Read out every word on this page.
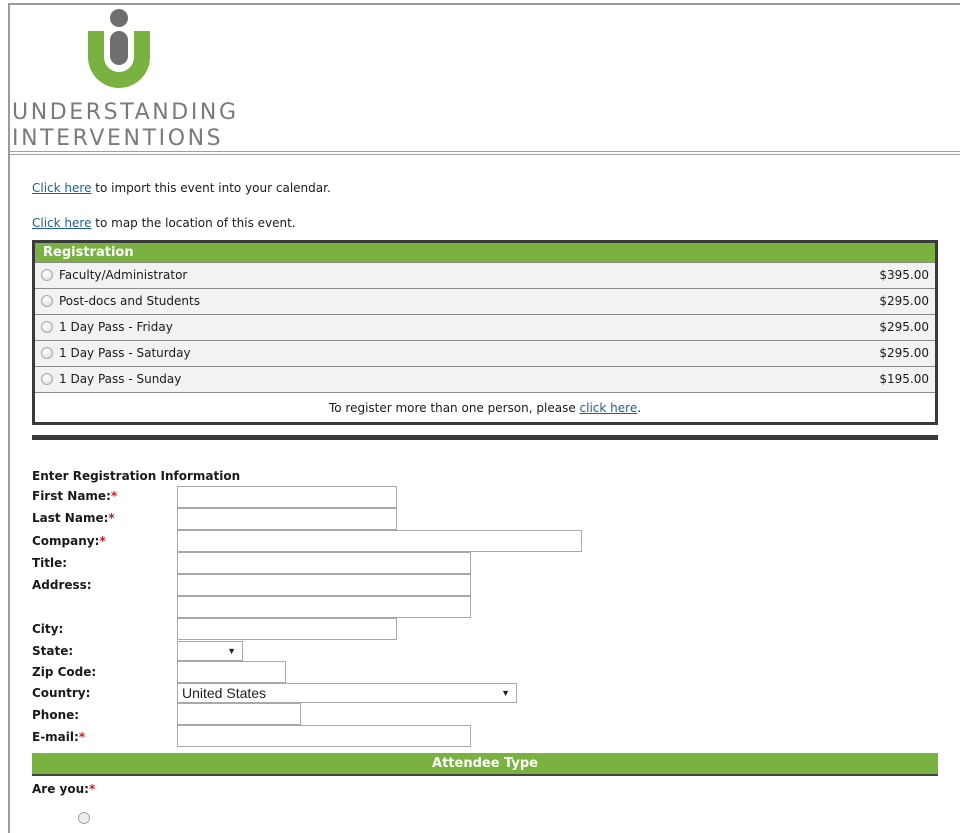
UNDERSTANDING
INTERVENTIONS
Click here to import this event into your calendar.
Click here to map the location of this event.
Registration
Faculty/Administrator	$395.00
Post-docs and Students	$295.00
1 Day Pass - Friday	$295.00
1 Day Pass - Saturday	$295.00
1 Day Pass - Sunday	$195.00
To register more than one person, please click here.
Enter Registration Information
First Name:*
Last Name:*
Company:*
Title:
Address:
City:
State:	▼
Zip Code:
Country:	United States	▼
Phone:
E-mail:*
Attendee Type
Are you:*
